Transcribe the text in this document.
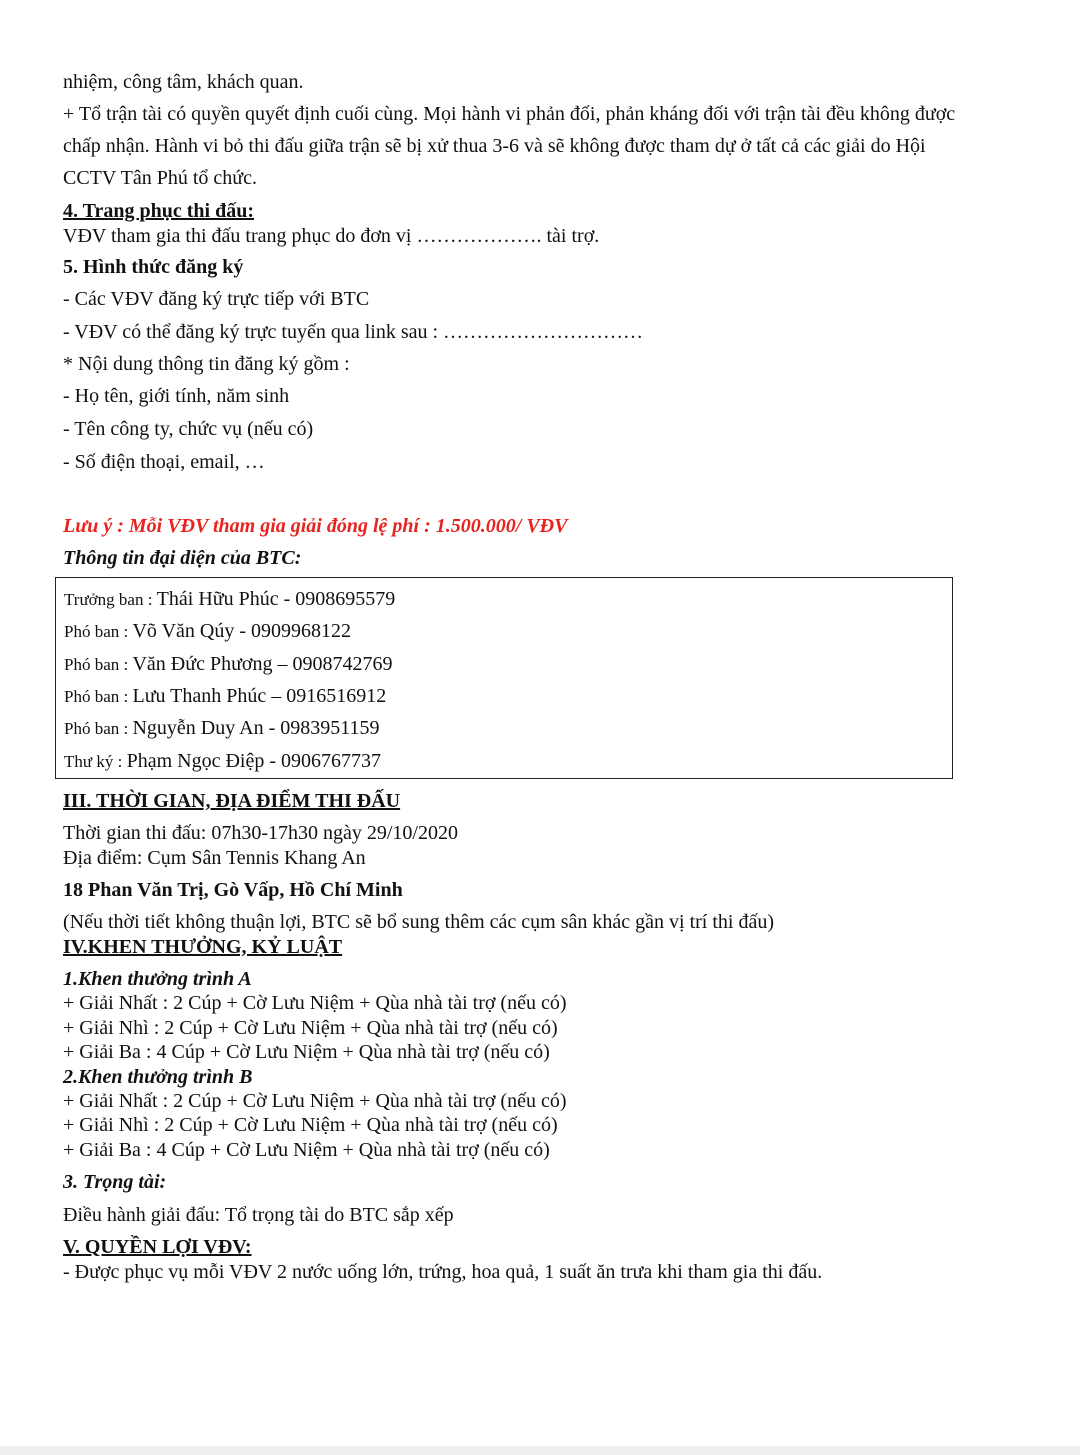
nhiệm, công tâm, khách quan.

+ Tổ trận tài có quyền quyết định cuối cùng. Mọi hành vi phản đối, phản kháng đối với trận tài đều không được

chấp nhận. Hành vi bỏ thi đấu giữa trận sẽ bị xử thua 3-6 và sẽ không được tham dự ở tất cả các giải do Hội

CCTV Tân Phú tổ chức.

4. Trang phục thi đấu:

VĐV tham gia thi đấu trang phục do đơn vị ………………. tài trợ.

5. Hình thức đăng ký

- Các VĐV đăng ký trực tiếp với BTC

- VĐV có thể đăng ký trực tuyến qua link sau : …………………………

* Nội dung thông tin đăng ký gồm :

- Họ tên, giới tính, năm sinh

- Tên công ty, chức vụ (nếu có)

- Số điện thoại, email, …

Lưu ý : Mỗi VĐV tham gia giải đóng lệ phí : 1.500.000/ VĐV

Thông tin đại diện của BTC:

Trưởng ban : Thái Hữu Phúc - 0908695579
Phó ban : Võ Văn Qúy - 0909968122
Phó ban : Văn Đức Phương – 0908742769
Phó ban : Lưu Thanh Phúc – 0916516912
Phó ban : Nguyễn Duy An - 0983951159
Thư ký : Phạm Ngọc Điệp - 0906767737

III. THỜI GIAN, ĐỊA ĐIỂM THI ĐẤU

Thời gian thi đấu: 07h30-17h30 ngày 29/10/2020

Địa điểm: Cụm Sân Tennis Khang An

18 Phan Văn Trị, Gò Vấp, Hồ Chí Minh

(Nếu thời tiết không thuận lợi, BTC sẽ bổ sung thêm các cụm sân khác gần vị trí thi đấu)

IV.KHEN THƯỞNG, KỶ LUẬT

1.Khen thưởng trình A

+ Giải Nhất : 2 Cúp + Cờ Lưu Niệm + Qùa nhà tài trợ (nếu có)

+ Giải Nhì : 2 Cúp + Cờ Lưu Niệm + Qùa nhà tài trợ (nếu có)

+ Giải Ba : 4 Cúp + Cờ Lưu Niệm + Qùa nhà tài trợ (nếu có)

2.Khen thưởng trình B

+ Giải Nhất : 2 Cúp + Cờ Lưu Niệm + Qùa nhà tài trợ (nếu có)

+ Giải Nhì : 2 Cúp + Cờ Lưu Niệm + Qùa nhà tài trợ (nếu có)

+ Giải Ba : 4 Cúp + Cờ Lưu Niệm + Qùa nhà tài trợ (nếu có)

3. Trọng tài:

Điều hành giải đấu: Tổ trọng tài do BTC sắp xếp

V. QUYỀN LỢI VĐV:

- Được phục vụ mỗi VĐV 2 nước uống lớn, trứng, hoa quả, 1 suất ăn trưa khi tham gia thi đấu.
